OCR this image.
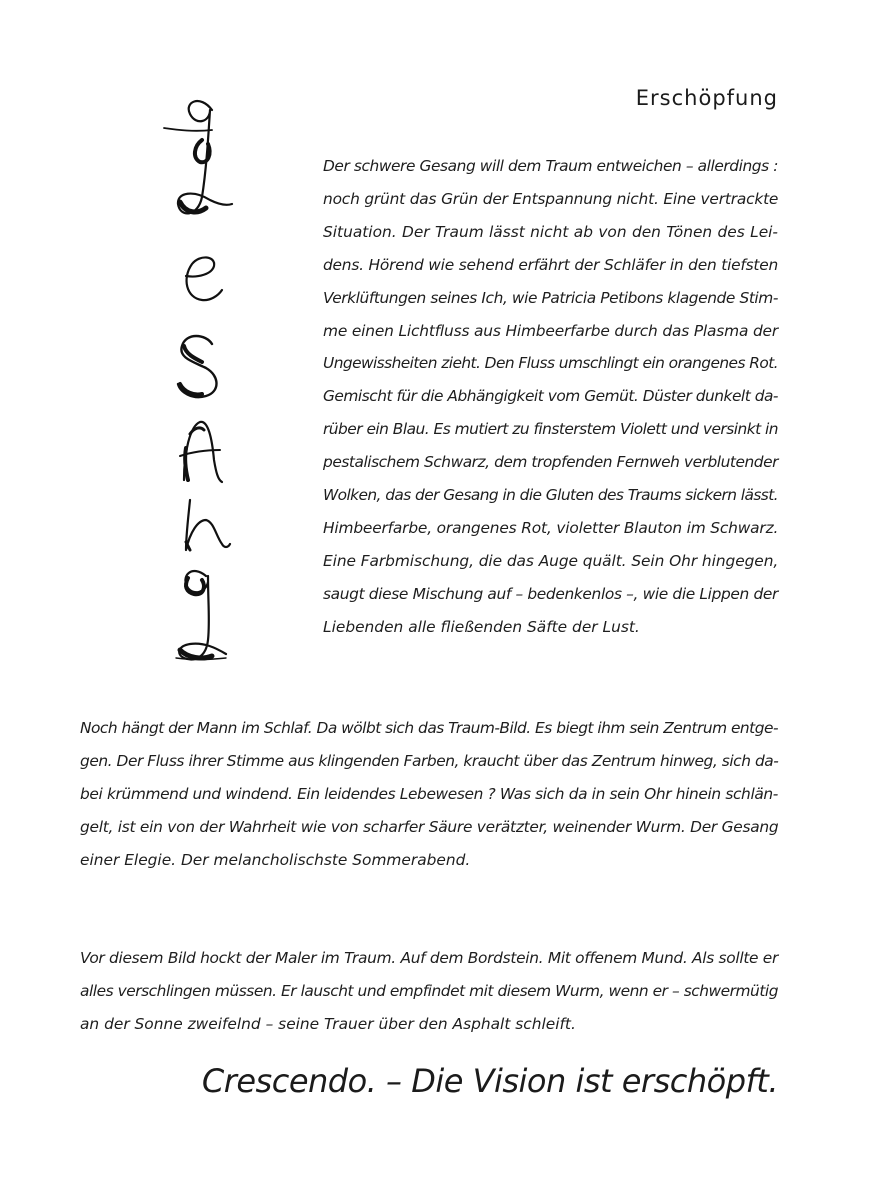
Erschöpfung
Der schwere Gesang will dem Traum entweichen – allerdings :
noch grünt das Grün der Entspannung nicht. Eine vertrackte
Situation. Der Traum lässt nicht ab von den Tönen des Lei-
dens. Hörend wie sehend erfährt der Schläfer in den tiefsten
Verklüftungen seines Ich, wie Patricia Petibons klagende Stim-
me einen Lichtfluss aus Himbeerfarbe durch das Plasma der
Ungewissheiten zieht. Den Fluss umschlingt ein orangenes Rot.
Gemischt für die Abhängigkeit vom Gemüt. Düster dunkelt da-
rüber ein Blau. Es mutiert zu finsterstem Violett und versinkt in
pestalischem Schwarz, dem tropfenden Fernweh verblutender
Wolken, das der Gesang in die Gluten des Traums sickern lässt.
Himbeerfarbe, orangenes Rot, violetter Blauton im Schwarz.
Eine Farbmischung, die das Auge quält. Sein Ohr hingegen,
saugt diese Mischung auf – bedenkenlos –, wie die Lippen der
Liebenden alle fließenden Säfte der Lust.
Noch hängt der Mann im Schlaf. Da wölbt sich das Traum-Bild. Es biegt ihm sein Zentrum entge-
gen. Der Fluss ihrer Stimme aus klingenden Farben, kraucht über das Zentrum hinweg, sich da-
bei krümmend und windend. Ein leidendes Lebewesen ? Was sich da in sein Ohr hinein schlän-
gelt, ist ein von der Wahrheit wie von scharfer Säure verätzter, weinender Wurm. Der Gesang
einer Elegie. Der melancholischste Sommerabend.
Vor diesem Bild hockt der Maler im Traum. Auf dem Bordstein. Mit offenem Mund. Als sollte er
alles verschlingen müssen. Er lauscht und empfindet mit diesem Wurm, wenn er – schwermütig
an der Sonne zweifelnd – seine Trauer über den Asphalt schleift.

Crescendo. – Die Vision ist erschöpft.
